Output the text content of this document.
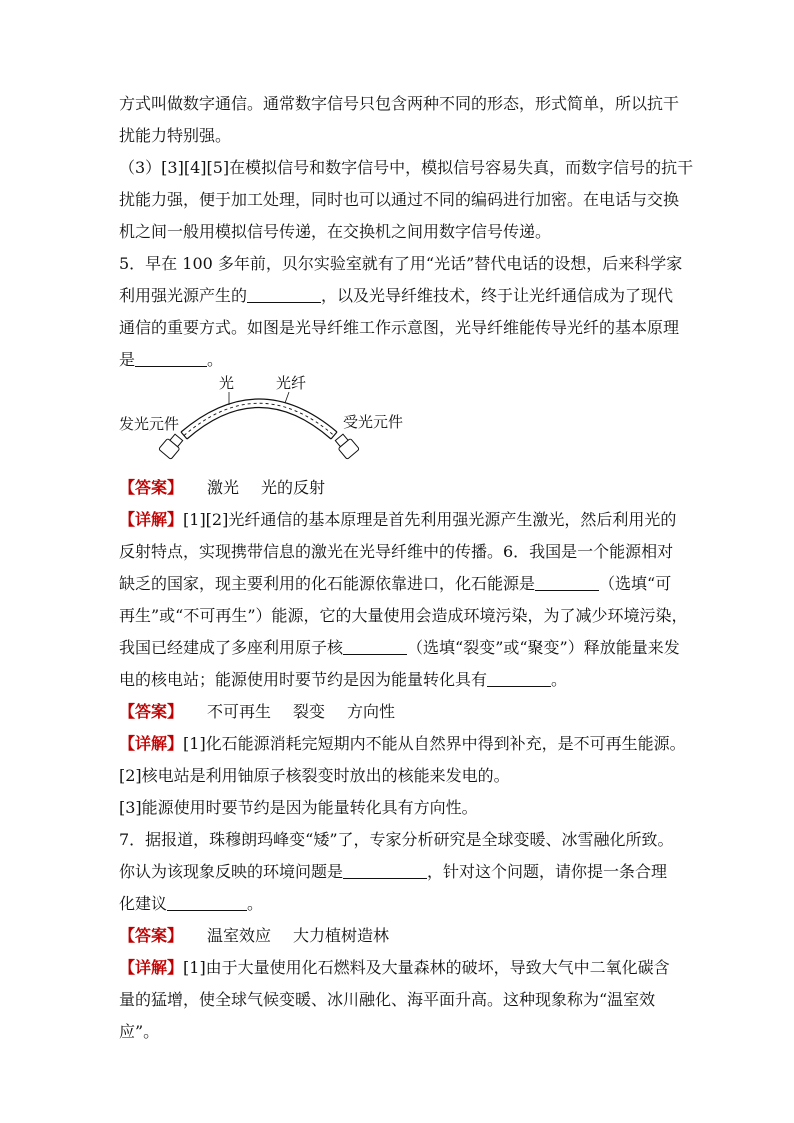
方式叫做数字通信。通常数字信号只包含两种不同的形态，形式简单，所以抗干
扰能力特别强。
（3）[3][4][5]在模拟信号和数字信号中，模拟信号容易失真，而数字信号的抗干
扰能力强，便于加工处理，同时也可以通过不同的编码进行加密。在电话与交换
机之间一般用模拟信号传递，在交换机之间用数字信号传递。
5．早在 100 多年前，贝尔实验室就有了用“光话”替代电话的设想，后来科学家
利用强光源产生的	，以及光导纤维技术，终于让光纤通信成为了现代
通信的重要方式。如图是光导纤维工作示意图，光导纤维能传导光纤的基本原理
是	。
光	光纤
发光元件	受光元件
【答案】 激光 光的反射
【详解】[1][2]光纤通信的基本原理是首先利用强光源产生激光，然后利用光的
反射特点，实现携带信息的激光在光导纤维中的传播。6．我国是一个能源相对
缺乏的国家，现主要利用的化石能源依靠进口，化石能源是	（选填“可
再生”或“不可再生”）能源，它的大量使用会造成环境污染，为了减少环境污染，
我国已经建成了多座利用原子核	（选填“裂变”或“聚变”）释放能量来发
电的核电站；能源使用时要节约是因为能量转化具有	。
【答案】 不可再生 裂变 方向性
【详解】[1]化石能源消耗完短期内不能从自然界中得到补充，是不可再生能源。
[2]核电站是利用铀原子核裂变时放出的核能来发电的。
[3]能源使用时要节约是因为能量转化具有方向性。
7．据报道，珠穆朗玛峰变“矮”了，专家分析研究是全球变暖、冰雪融化所致。
你认为该现象反映的环境问题是	，针对这个问题，请你提一条合理
化建议	。
【答案】 温室效应 大力植树造林
【详解】[1]由于大量使用化石燃料及大量森林的破坏，导致大气中二氧化碳含
量的猛增，使全球气候变暖、冰川融化、海平面升高。这种现象称为“温室效
应”。
